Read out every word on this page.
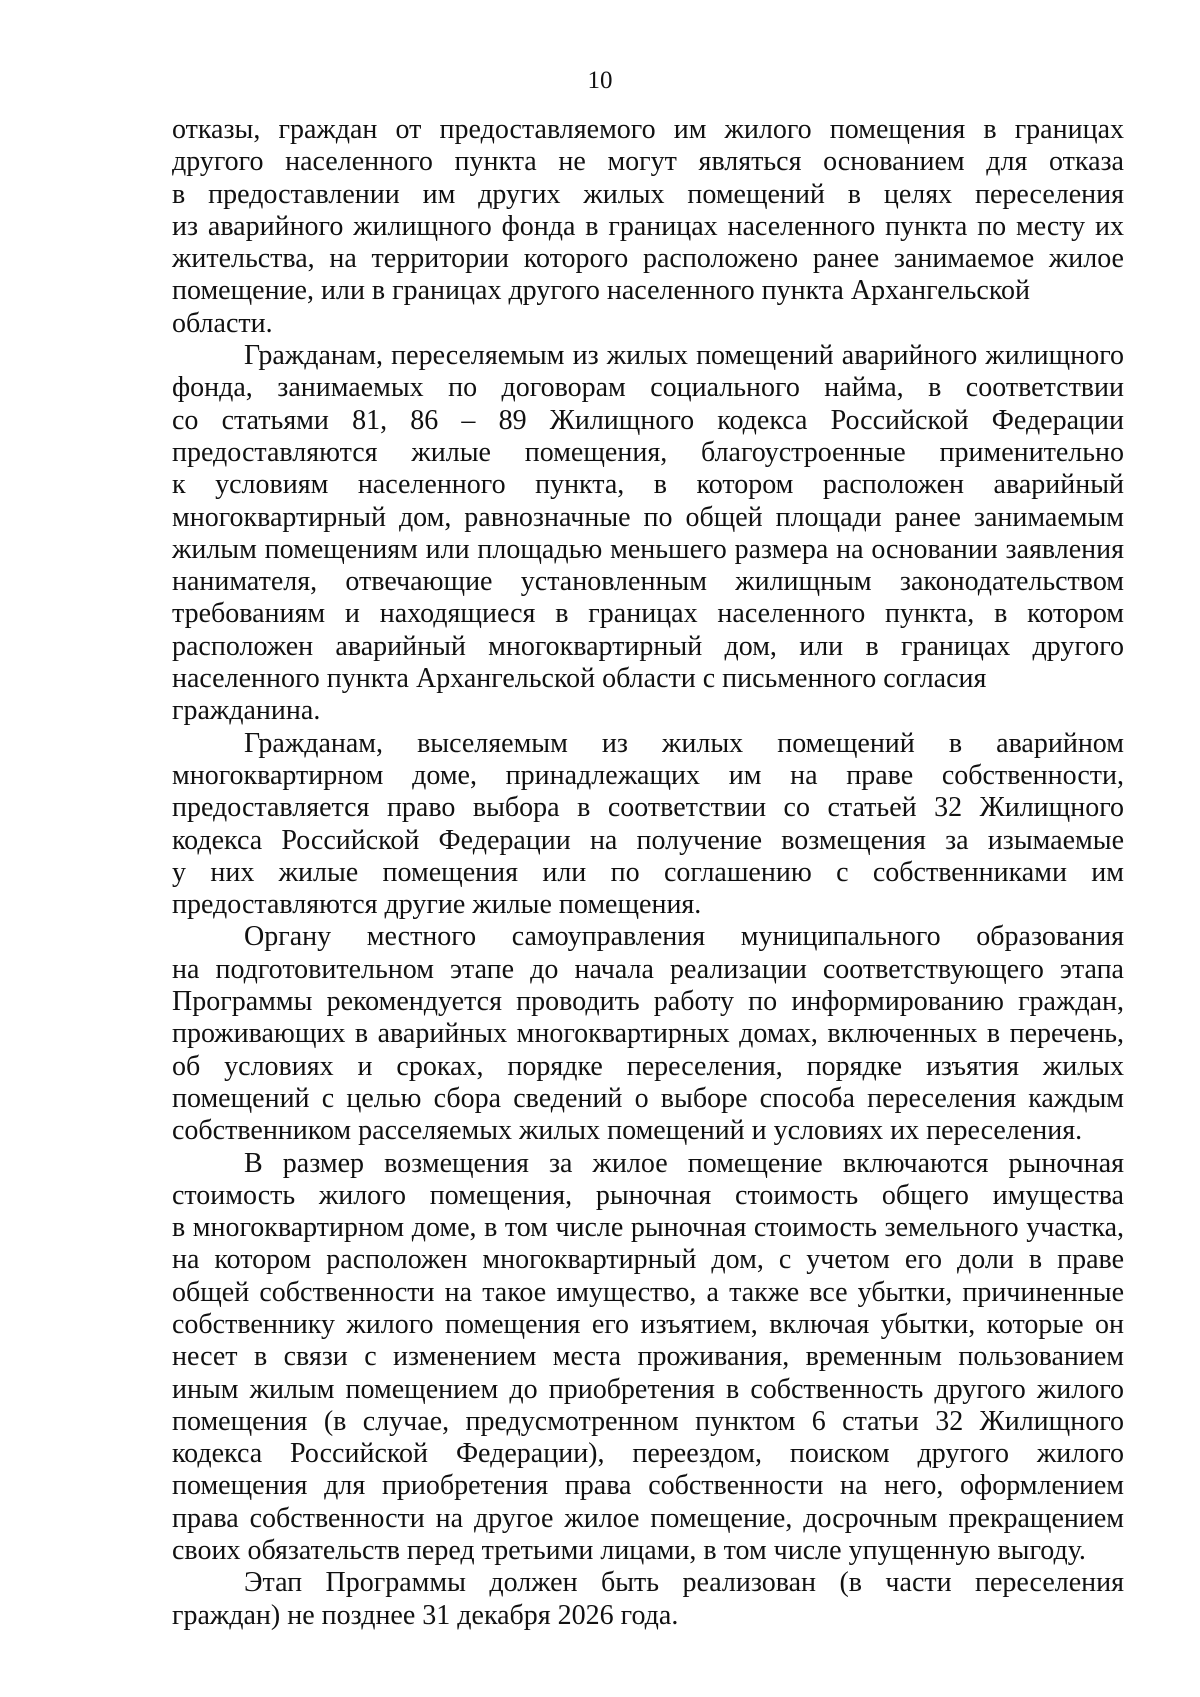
10
отказы, граждан от предоставляемого им жилого помещения в границах
другого населенного пункта не могут являться основанием для отказа
в предоставлении им других жилых помещений в целях переселения
из аварийного жилищного фонда в границах населенного пункта по месту их
жительства, на территории которого расположено ранее занимаемое жилое
помещение, или в границах другого населенного пункта Архангельской области.
Гражданам, переселяемым из жилых помещений аварийного жилищного
фонда, занимаемых по договорам социального найма, в соответствии
со статьями 81, 86 – 89 Жилищного кодекса Российской Федерации
предоставляются жилые помещения, благоустроенные применительно
к условиям населенного пункта, в котором расположен аварийный
многоквартирный дом, равнозначные по общей площади ранее занимаемым
жилым помещениям или площадью меньшего размера на основании заявления
нанимателя, отвечающие установленным жилищным законодательством
требованиям и находящиеся в границах населенного пункта, в котором
расположен аварийный многоквартирный дом, или в границах другого
населенного пункта Архангельской области с письменного согласия гражданина.
Гражданам, выселяемым из жилых помещений в аварийном
многоквартирном доме, принадлежащих им на праве собственности,
предоставляется право выбора в соответствии со статьей 32 Жилищного
кодекса Российской Федерации на получение возмещения за изымаемые
у них жилые помещения или по соглашению с собственниками им
предоставляются другие жилые помещения.
Органу местного самоуправления муниципального образования
на подготовительном этапе до начала реализации соответствующего этапа
Программы рекомендуется проводить работу по информированию граждан,
проживающих в аварийных многоквартирных домах, включенных в перечень,
об условиях и сроках, порядке переселения, порядке изъятия жилых
помещений с целью сбора сведений о выборе способа переселения каждым
собственником расселяемых жилых помещений и условиях их переселения.
В размер возмещения за жилое помещение включаются рыночная
стоимость жилого помещения, рыночная стоимость общего имущества
в многоквартирном доме, в том числе рыночная стоимость земельного участка,
на котором расположен многоквартирный дом, с учетом его доли в праве
общей собственности на такое имущество, а также все убытки, причиненные
собственнику жилого помещения его изъятием, включая убытки, которые он
несет в связи с изменением места проживания, временным пользованием
иным жилым помещением до приобретения в собственность другого жилого
помещения (в случае, предусмотренном пунктом 6 статьи 32 Жилищного
кодекса Российской Федерации), переездом, поиском другого жилого
помещения для приобретения права собственности на него, оформлением
права собственности на другое жилое помещение, досрочным прекращением
своих обязательств перед третьими лицами, в том числе упущенную выгоду.
Этап Программы должен быть реализован (в части переселения
граждан) не позднее 31 декабря 2026 года.
